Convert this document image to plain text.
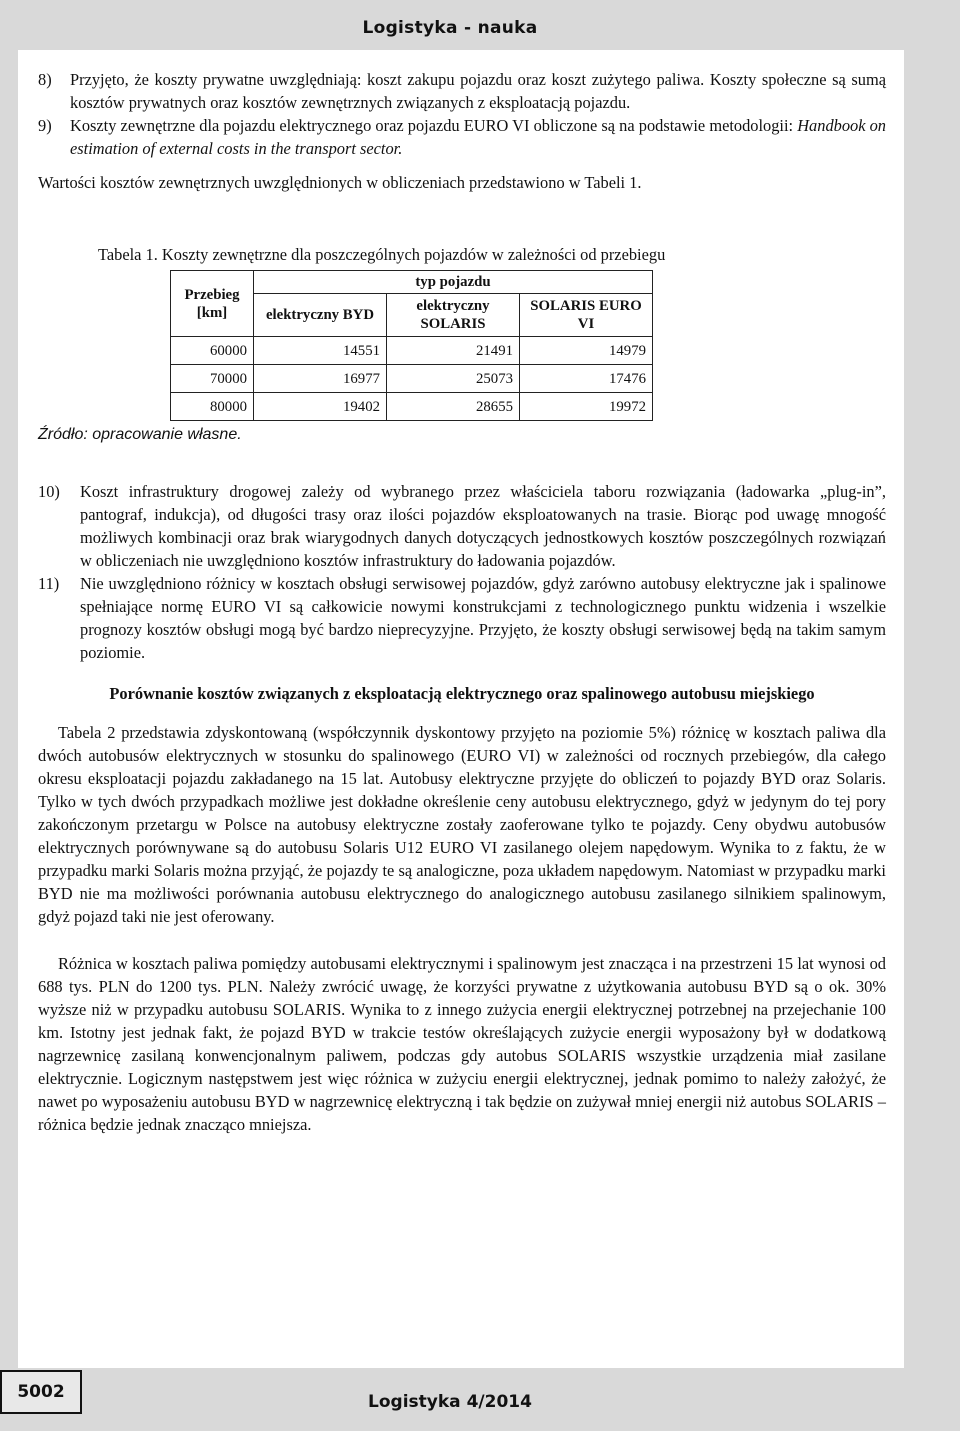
Logistyka - nauka
8)	Przyjęto, że koszty prywatne uwzględniają: koszt zakupu pojazdu oraz koszt zużytego paliwa. Koszty społeczne są sumą kosztów prywatnych oraz kosztów zewnętrznych związanych z eksploatacją pojazdu.
9)	Koszty zewnętrzne dla pojazdu elektrycznego oraz pojazdu EURO VI obliczone są na podstawie metodologii: Handbook on estimation of external costs in the transport sector.

Wartości kosztów zewnętrznych uwzględnionych w obliczeniach przedstawiono w Tabeli 1.

Tabela 1. Koszty zewnętrzne dla poszczególnych pojazdów w zależności od przebiegu
Przebieg [km]	typ pojazdu		
	elektryczny BYD	elektryczny SOLARIS	SOLARIS EURO VI
60000	14551	21491	14979
70000	16977	25073	17476
80000	19402	28655	19972
Źródło: opracowanie własne.
10)	Koszt infrastruktury drogowej zależy od wybranego przez właściciela taboru rozwiązania (ładowarka „plug-in”, pantograf, indukcja), od długości trasy oraz ilości pojazdów eksploatowanych na trasie. Biorąc pod uwagę mnogość możliwych kombinacji oraz brak wiarygodnych danych dotyczących jednostkowych kosztów poszczególnych rozwiązań w obliczeniach nie uwzględniono kosztów infrastruktury do ładowania pojazdów.
11)	Nie uwzględniono różnicy w kosztach obsługi serwisowej pojazdów, gdyż zarówno autobusy elektryczne jak i spalinowe spełniające normę EURO VI są całkowicie nowymi konstrukcjami z technologicznego punktu widzenia i wszelkie prognozy kosztów obsługi mogą być bardzo nieprecyzyjne. Przyjęto, że koszty obsługi serwisowej będą na takim samym poziomie.
Porównanie kosztów związanych z eksploatacją elektrycznego oraz spalinowego autobusu miejskiego

Tabela 2 przedstawia zdyskontowaną (współczynnik dyskontowy przyjęto na poziomie 5%) różnicę w kosztach paliwa dla dwóch autobusów elektrycznych w stosunku do spalinowego (EURO VI) w zależności od rocznych przebiegów, dla całego okresu eksploatacji pojazdu zakładanego na 15 lat. Autobusy elektryczne przyjęte do obliczeń to pojazdy BYD oraz Solaris. Tylko w tych dwóch przypadkach możliwe jest dokładne określenie ceny autobusu elektrycznego, gdyż w jedynym do tej pory zakończonym przetargu w Polsce na autobusy elektryczne zostały zaoferowane tylko te pojazdy. Ceny obydwu autobusów elektrycznych porównywane są do autobusu Solaris U12 EURO VI zasilanego olejem napędowym. Wynika to z faktu, że w przypadku marki Solaris można przyjąć, że pojazdy te są analogiczne, poza układem napędowym. Natomiast w przypadku marki BYD nie ma możliwości porównania autobusu elektrycznego do analogicznego autobusu zasilanego silnikiem spalinowym, gdyż pojazd taki nie jest oferowany.

Różnica w kosztach paliwa pomiędzy autobusami elektrycznymi i spalinowym jest znacząca i na przestrzeni 15 lat wynosi od 688 tys. PLN do 1200 tys. PLN. Należy zwrócić uwagę, że korzyści prywatne z użytkowania autobusu BYD są o ok. 30% wyższe niż w przypadku autobusu SOLARIS. Wynika to z innego zużycia energii elektrycznej potrzebnej na przejechanie 100 km. Istotny jest jednak fakt, że pojazd BYD w trakcie testów określających zużycie energii wyposażony był w dodatkową nagrzewnicę zasilaną konwencjonalnym paliwem, podczas gdy autobus SOLARIS wszystkie urządzenia miał zasilane elektrycznie. Logicznym następstwem jest więc różnica w zużyciu energii elektrycznej, jednak pomimo to należy założyć, że nawet po wyposażeniu autobusu BYD w nagrzewnicę elektryczną i tak będzie on zużywał mniej energii niż autobus SOLARIS – różnica będzie jednak znacząco mniejsza.

5002	Logistyka 4/2014
